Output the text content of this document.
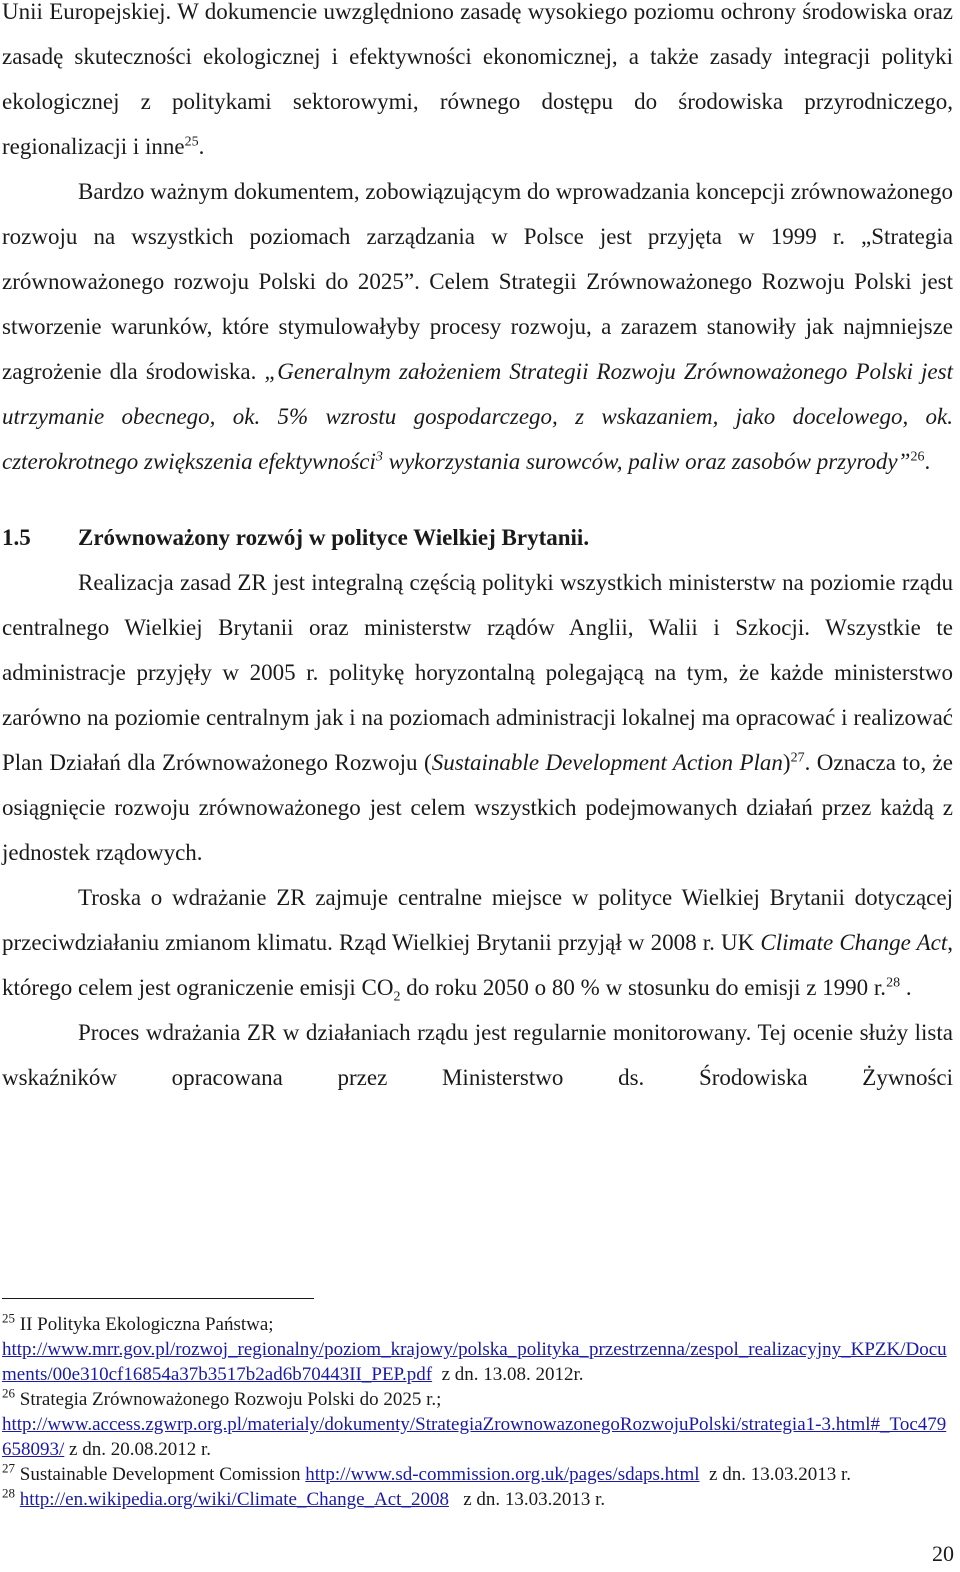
Unii Europejskiej. W dokumencie uwzględniono zasadę wysokiego poziomu ochrony środowiska oraz zasadę skuteczności ekologicznej i efektywności ekonomicznej, a także zasady integracji polityki ekologicznej z politykami sektorowymi, równego dostępu do środowiska przyrodniczego, regionalizacji i inne$^{25}$.

Bardzo ważnym dokumentem, zobowiązującym do wprowadzania koncepcji zrównoważonego rozwoju na wszystkich poziomach zarządzania w Polsce jest przyjęta w 1999 r. „Strategia zrównoważonego rozwoju Polski do 2025”. Celem Strategii Zrównoważonego Rozwoju Polski jest stworzenie warunków, które stymulowałyby procesy rozwoju, a zarazem stanowiły jak najmniejsze zagrożenie dla środowiska. „Generalnym założeniem Strategii Rozwoju Zrównoważonego Polski jest utrzymanie obecnego, ok. 5% wzrostu gospodarczego, z wskazaniem, jako docelowego, ok. czterokrotnego zwiększenia efektywności$^3$ wykorzystania surowców, paliw oraz zasobów przyrody”$^{26}$.

1.5 Zrównoważony rozwój w polityce Wielkiej Brytanii.

Realizacja zasad ZR jest integralną częścią polityki wszystkich ministerstw na poziomie rządu centralnego Wielkiej Brytanii oraz ministerstw rządów Anglii, Walii i Szkocji. Wszystkie te administracje przyjęły w 2005 r. politykę horyzontalną polegającą na tym, że każde ministerstwo zarówno na poziomie centralnym jak i na poziomach administracji lokalnej ma opracować i realizować Plan Działań dla Zrównoważonego Rozwoju (Sustainable Development Action Plan)$^{27}$. Oznacza to, że osiągnięcie rozwoju zrównoważonego jest celem wszystkich podejmowanych działań przez każdą z jednostek rządowych.

Troska o wdrażanie ZR zajmuje centralne miejsce w polityce Wielkiej Brytanii dotyczącej przeciwdziałaniu zmianom klimatu. Rząd Wielkiej Brytanii przyjął w 2008 r. UK Climate Change Act, którego celem jest ograniczenie emisji $CO_2$ do roku 2050 o 80 % w stosunku do emisji z 1990 r.$^{28}$ .

Proces wdrażania ZR w działaniach rządu jest regularnie monitorowany. Tej ocenie służy lista wskaźników opracowana przez Ministerstwo ds. Środowiska Żywności

$^{25}$ II Polityka Ekologiczna Państwa;
http://www.mrr.gov.pl/rozwoj_regionalny/poziom_krajowy/polska_polityka_przestrzenna/zespol_realizacyjny_KPZK/Documents/00e310cf16854a37b3517b2ad6b70443II_PEP.pdf  z dn. 13.08. 2012r.

$^{26}$ Strategia Zrównoważonego Rozwoju Polski do 2025 r.;
http://www.access.zgwrp.org.pl/materialy/dokumenty/StrategiaZrownowazonegoRozwojuPolski/strategia1-3.html#_Toc479658093/ z dn. 20.08.2012 r.

$^{27}$ Sustainable Development Comission http://www.sd-commission.org.uk/pages/sdaps.html  z dn. 13.03.2013 r.

$^{28}$ http://en.wikipedia.org/wiki/Climate_Change_Act_2008   z dn. 13.03.2013 r.

20
